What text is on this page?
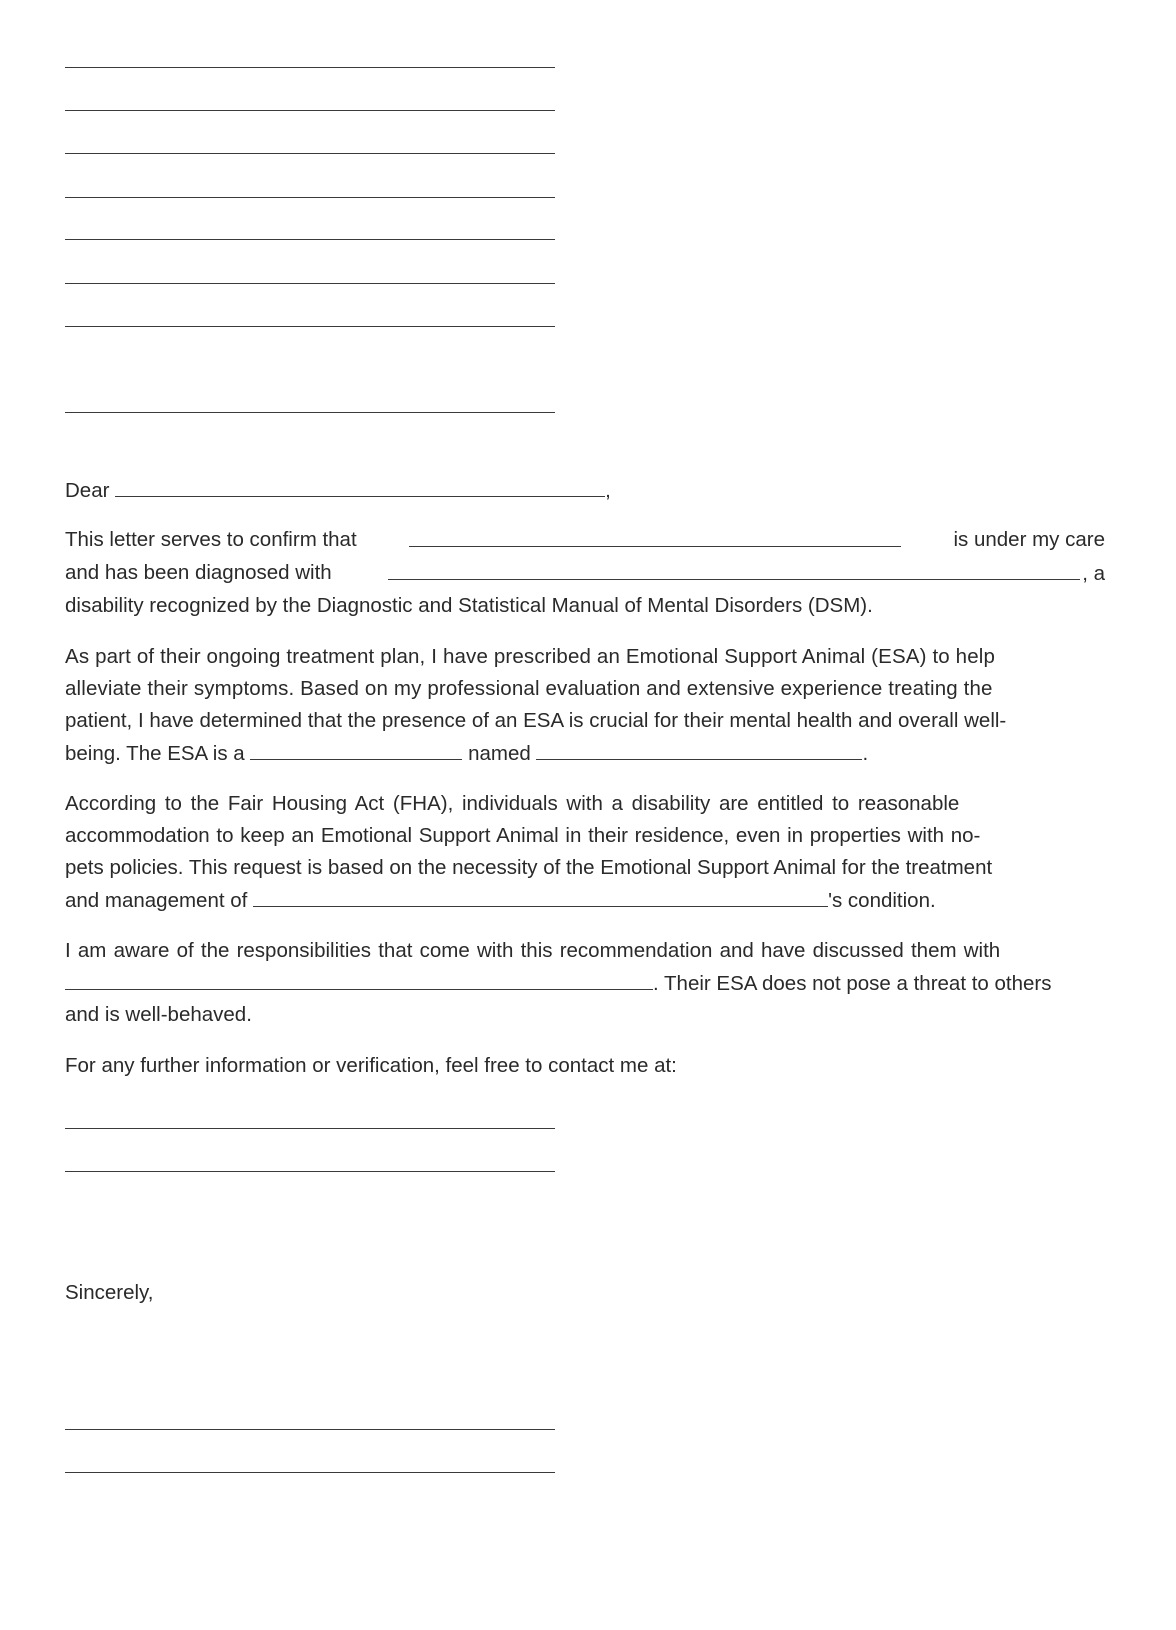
Dear	,
This letter serves to confirm that	is under my care
and has been diagnosed with	, a
disability recognized by the Diagnostic and Statistical Manual of Mental Disorders (DSM).
As part of their ongoing treatment plan, I have prescribed an Emotional Support Animal (ESA) to help
alleviate their symptoms. Based on my professional evaluation and extensive experience treating the
patient, I have determined that the presence of an ESA is crucial for their mental health and overall well-
being. The ESA is a	named	.
According to the Fair Housing Act (FHA), individuals with a disability are entitled to reasonable
accommodation to keep an Emotional Support Animal in their residence, even in properties with no-
pets policies. This request is based on the necessity of the Emotional Support Animal for the treatment
and management of	's condition.
I am aware of the responsibilities that come with this recommendation and have discussed them with
. Their ESA does not pose a threat to others
and is well-behaved.
For any further information or verification, feel free to contact me at:
Sincerely,
